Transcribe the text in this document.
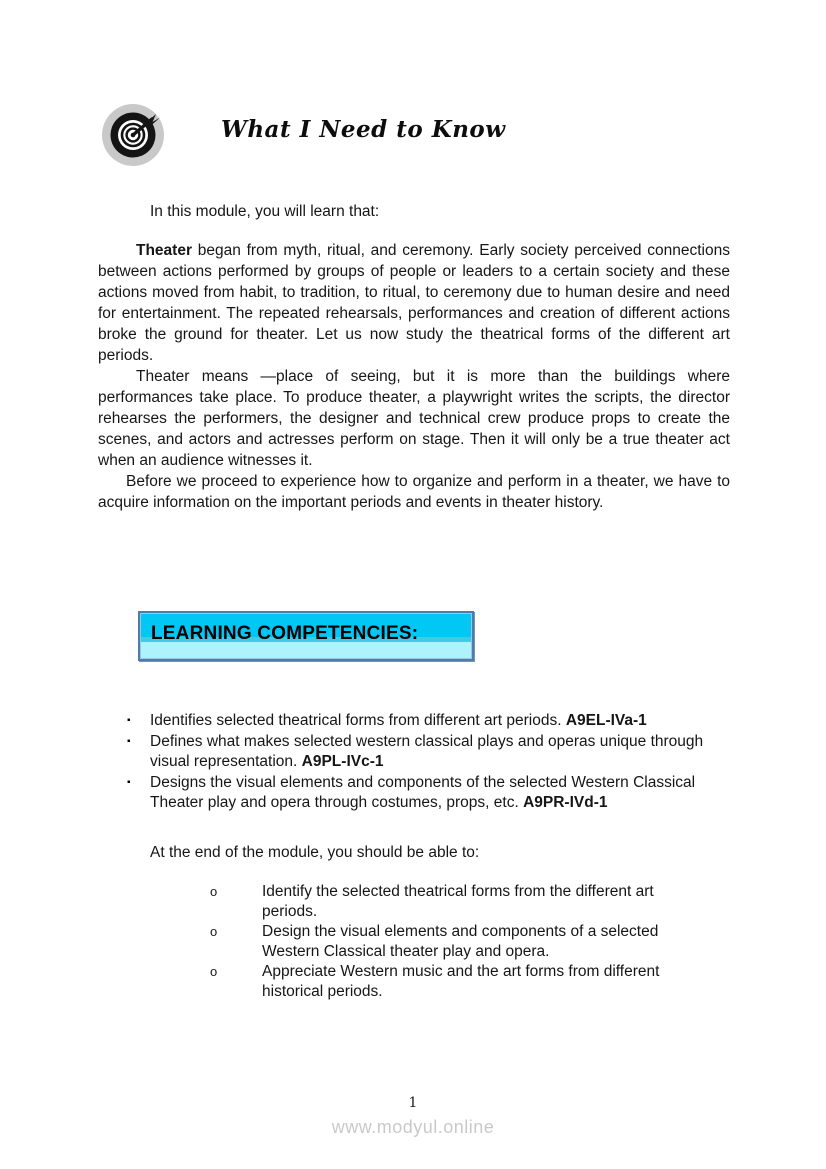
What I Need to Know
In this module, you will learn that:

Theater began from myth, ritual, and ceremony. Early society perceived connections between actions performed by groups of people or leaders to a certain society and these actions moved from habit, to tradition, to ritual, to ceremony due to human desire and need for entertainment. The repeated rehearsals, performances and creation of different actions broke the ground for theater. Let us now study the theatrical forms of the different art periods.

Theater means —place of seeing, but it is more than the buildings where performances take place. To produce theater, a playwright writes the scripts, the director rehearses the performers, the designer and technical crew produce props to create the scenes, and actors and actresses perform on stage. Then it will only be a true theater act when an audience witnesses it.

Before we proceed to experience how to organize and perform in a theater, we have to acquire information on the important periods and events in theater history.

LEARNING COMPETENCIES:
▪	Identifies selected theatrical forms from different art periods. A9EL-IVa-1
▪	Defines what makes selected western classical plays and operas unique through visual representation. A9PL-IVc-1
▪	Designs the visual elements and components of the selected Western Classical Theater play and opera through costumes, props, etc. A9PR-IVd-1
At the end of the module, you should be able to:
o	Identify the selected theatrical forms from the different art periods.
o	Design the visual elements and components of a selected Western Classical theater play and opera.
o	Appreciate Western music and the art forms from different historical periods.
1
www.modyul.online
